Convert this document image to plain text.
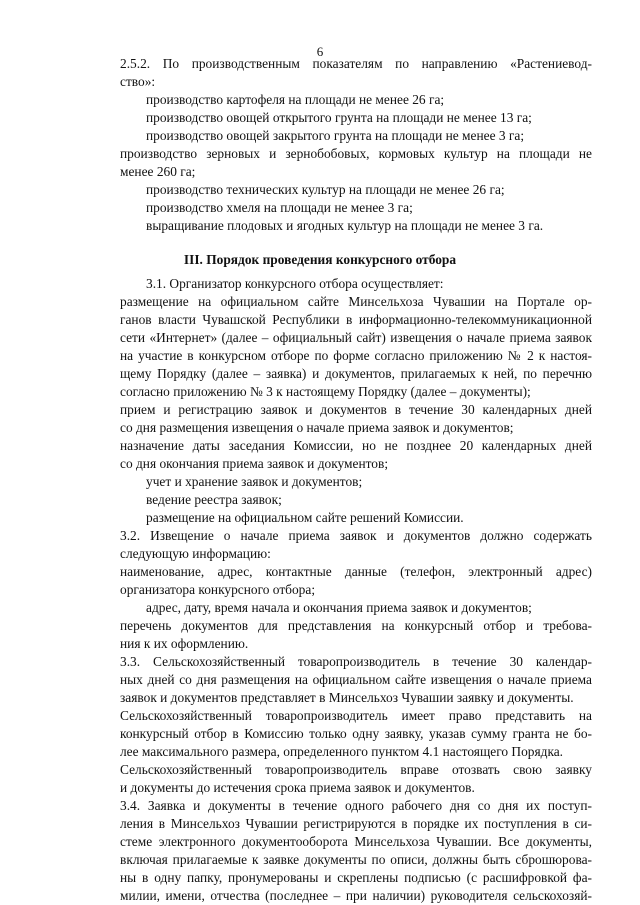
6
2.5.2. По производственным показателям по направлению «Растениевод-
ство»:
производство картофеля на площади не менее 26 га;
производство овощей открытого грунта на площади не менее 13 га;
производство овощей закрытого грунта на площади не менее 3 га;
производство зерновых и зернобобовых, кормовых культур на площади не
менее 260 га;
производство технических культур на площади не менее 26 га;
производство хмеля на площади не менее 3 га;
выращивание плодовых и ягодных культур на площади не менее 3 га.
III. Порядок проведения конкурсного отбора
3.1. Организатор конкурсного отбора осуществляет:
размещение на официальном сайте Минсельхоза Чувашии на Портале ор-
ганов власти Чувашской Республики в информационно-телекоммуникационной
сети «Интернет» (далее – официальный сайт) извещения о начале приема заявок
на участие в конкурсном отборе по форме согласно приложению № 2 к настоя-
щему Порядку (далее – заявка) и документов, прилагаемых к ней, по перечню
согласно приложению № 3 к настоящему Порядку (далее – документы);
прием и регистрацию заявок и документов в течение 30 календарных дней
со дня размещения извещения о начале приема заявок и документов;
назначение даты заседания Комиссии, но не позднее 20 календарных дней
со дня окончания приема заявок и документов;
учет и хранение заявок и документов;
ведение реестра заявок;
размещение на официальном сайте решений Комиссии.
3.2. Извещение о начале приема заявок и документов должно содержать
следующую информацию:
наименование, адрес, контактные данные (телефон, электронный адрес)
организатора конкурсного отбора;
адрес, дату, время начала и окончания приема заявок и документов;
перечень документов для представления на конкурсный отбор и требова-
ния к их оформлению.
3.3. Сельскохозяйственный товаропроизводитель в течение 30 календар-
ных дней со дня размещения на официальном сайте извещения о начале приема
заявок и документов представляет в Минсельхоз Чувашии заявку и документы.
Сельскохозяйственный товаропроизводитель имеет право представить на
конкурсный отбор в Комиссию только одну заявку, указав сумму гранта не бо-
лее максимального размера, определенного пунктом 4.1 настоящего Порядка.
Сельскохозяйственный товаропроизводитель вправе отозвать свою заявку
и документы до истечения срока приема заявок и документов.
3.4. Заявка и документы в течение одного рабочего дня со дня их поступ-
ления в Минсельхоз Чувашии регистрируются в порядке их поступления в си-
стеме электронного документооборота Минсельхоза Чувашии. Все документы,
включая прилагаемые к заявке документы по описи, должны быть сброшюрова-
ны в одну папку, пронумерованы и скреплены подписью (с расшифровкой фа-
милии, имени, отчества (последнее – при наличии) руководителя сельскохозяй-
